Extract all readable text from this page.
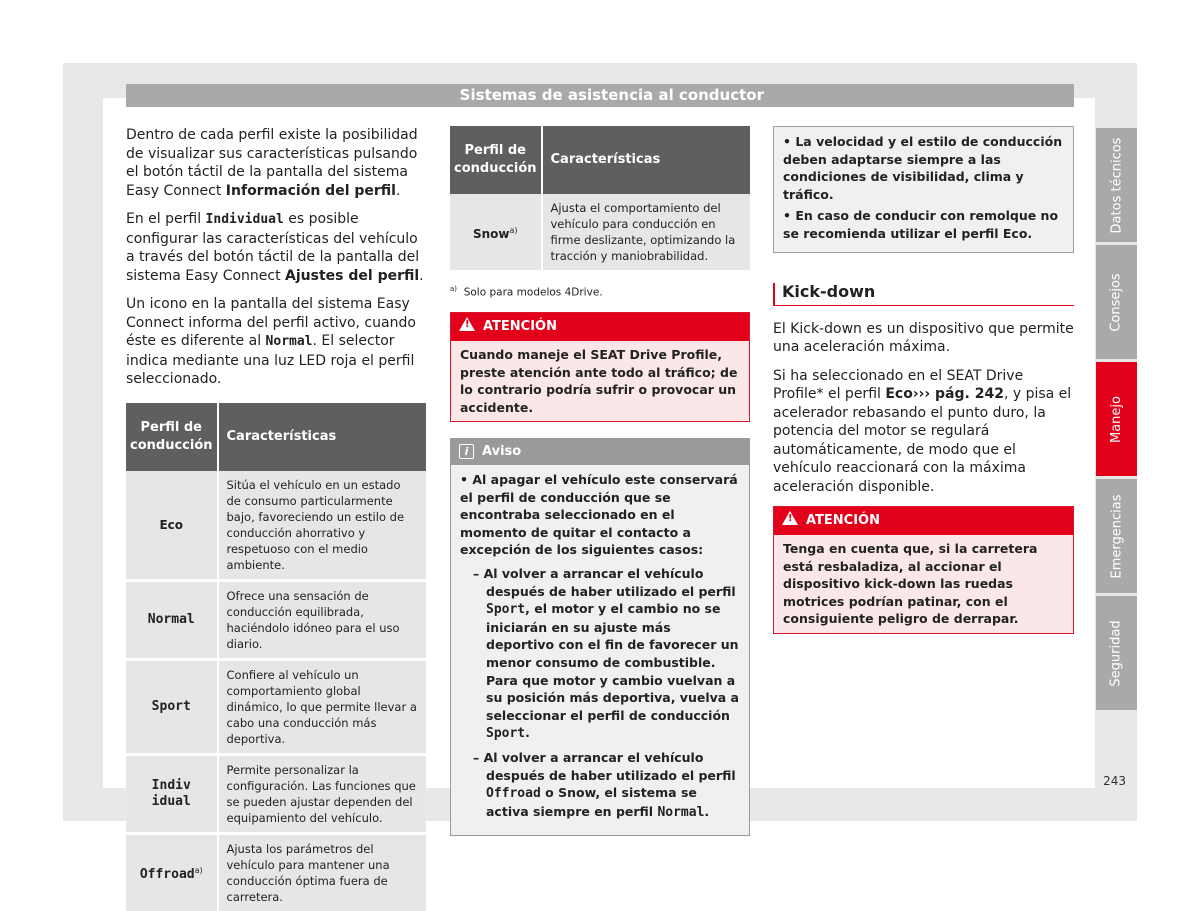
Sistemas de asistencia al conductor

Dentro de cada perfil existe la posibilidad de visualizar sus características pulsando el botón táctil de la pantalla del sistema Easy Connect Información del perfil.

En el perfil Individual es posible configurar las características del vehículo a través del botón táctil de la pantalla del sistema Easy Connect Ajustes del perfil.

Un icono en la pantalla del sistema Easy Connect informa del perfil activo, cuando éste es diferente al Normal. El selector indica mediante una luz LED roja el perfil seleccionado.

Perfil de conducción	Características
Eco	Sitúa el vehículo en un estado de consumo particularmente bajo, favoreciendo un estilo de conducción ahorrativo y respetuoso con el medio ambiente.
Normal	Ofrece una sensación de conducción equilibrada, haciéndolo idóneo para el uso diario.
Sport	Confiere al vehículo un comportamiento global dinámico, lo que permite llevar a cabo una conducción más deportiva.
Individual	Permite personalizar la configuración. Las funciones que se pueden ajustar dependen del equipamiento del vehículo.
Offroad$^{a)}$	Ajusta los parámetros del vehículo para mantener una conducción óptima fuera de carretera.
Perfil de conducción	Características
Snow$^{a)}$	Ajusta el comportamiento del vehículo para conducción en firme deslizante, optimizando la tracción y maniobrabilidad.
$^{a)}$ Solo para modelos 4Drive.
!ATENCIÓN
Cuando maneje el SEAT Drive Profile, preste atención ante todo al tráfico; de lo contrario podría sufrir o provocar un accidente.
i Aviso

• Al apagar el vehículo este conservará el perfil de conducción que se encontraba seleccionado en el momento de quitar el contacto a excepción de los siguientes casos:

– Al volver a arrancar el vehículo después de haber utilizado el perfil Sport, el motor y el cambio no se iniciarán en su ajuste más deportivo con el fin de favorecer un menor consumo de combustible. Para que motor y cambio vuelvan a su posición más deportiva, vuelva a seleccionar el perfil de conducción Sport.

– Al volver a arrancar el vehículo después de haber utilizado el perfil Offroad o Snow, el sistema se activa siempre en perfil Normal.

• La velocidad y el estilo de conducción deben adaptarse siempre a las condiciones de visibilidad, clima y tráfico.

• En caso de conducir con remolque no se recomienda utilizar el perfil Eco.

Kick-down

El Kick-down es un dispositivo que permite una aceleración máxima.

Si ha seleccionado en el SEAT Drive Profile* el perfil Eco››› pág. 242, y pisa el acelerador rebasando el punto duro, la potencia del motor se regulará automáticamente, de modo que el vehículo reaccionará con la máxima aceleración disponible.

!ATENCIÓN
Tenga en cuenta que, si la carretera está resbaladiza, al accionar el dispositivo kick-down las ruedas motrices podrían patinar, con el consiguiente peligro de derrapar.
Datos técnicos
Consejos
Manejo
Emergencias
Seguridad
243
